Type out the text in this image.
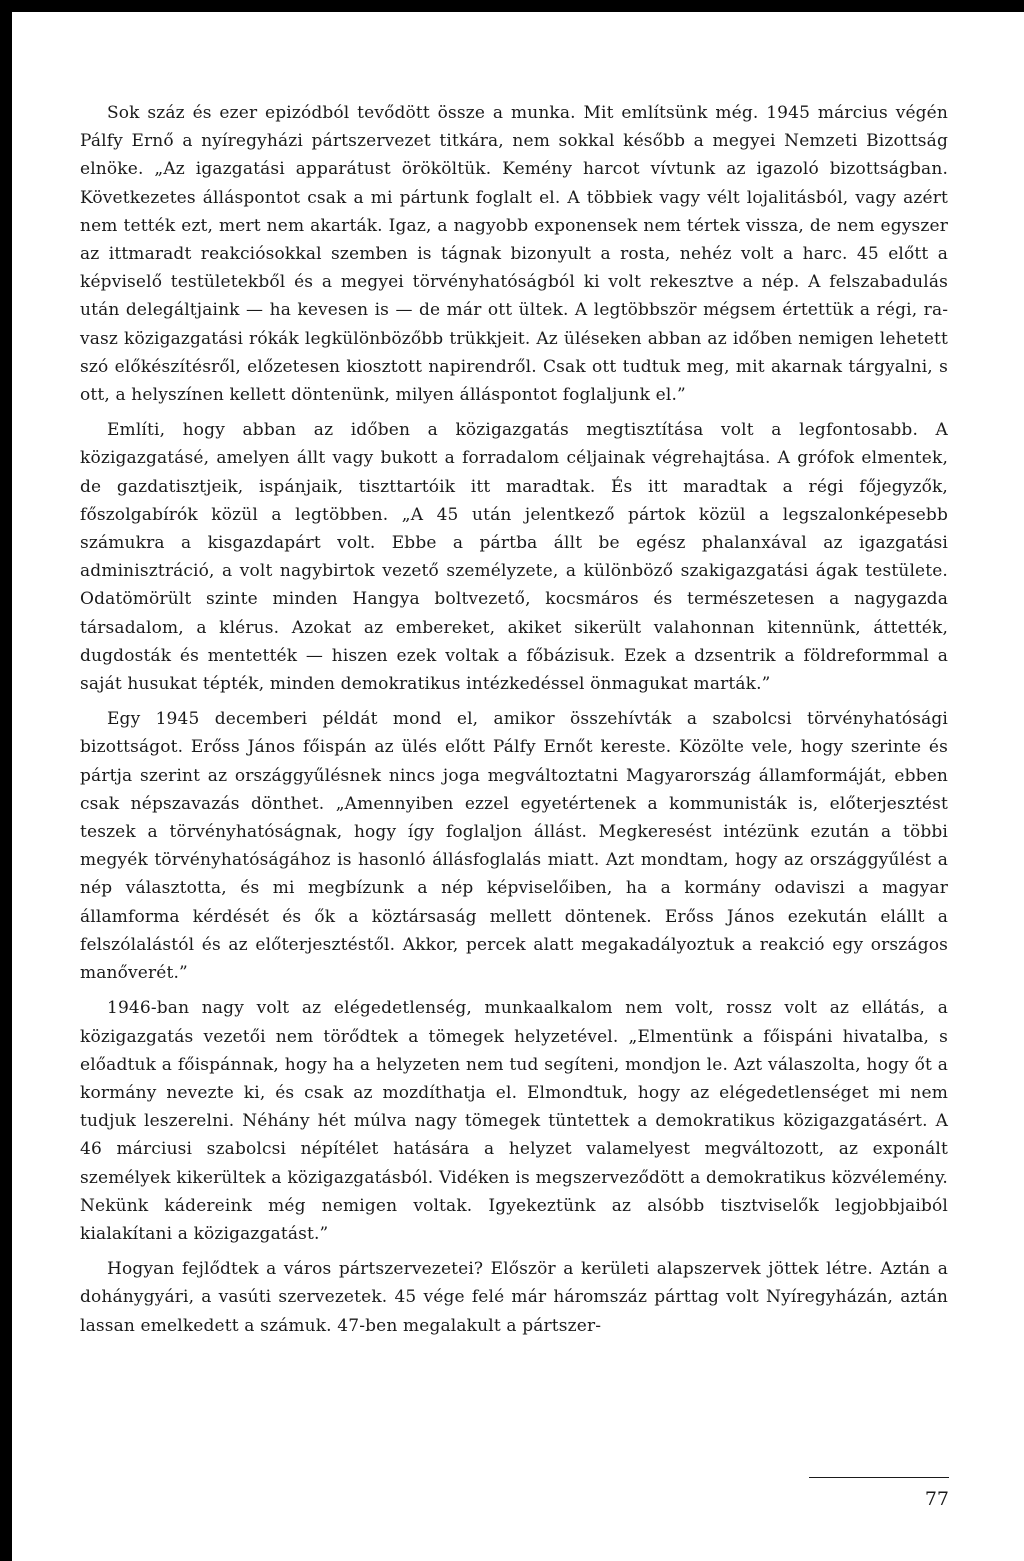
Sok száz és ezer epizódból tevődött össze a munka. Mit említsünk még. 1945 március végén Pálfy Ernő a nyíregyházi pártszervezet titkára, nem sokkal később a megyei Nemzeti Bizottság elnöke. „Az igazgatási apparátust örököltük. Kemény harcot vívtunk az igazoló bizottságban. Következetes álláspontot csak a mi pártunk foglalt el. A többiek vagy vélt lojalitásból, vagy azért nem tették ezt, mert nem akarták. Igaz, a nagyobb exponensek nem tértek vissza, de nem egyszer az ittmaradt reakciósokkal szemben is tágnak bizonyult a rosta, nehéz volt a harc. 45 előtt a képviselő testületekből és a megyei törvényhatóságból ki volt rekesztve a nép. A felszabadulás után delegáltjaink — ha kevesen is — de már ott ültek. A legtöbbször mégsem értettük a régi, ravasz közigazgatási rókák legkülönbözőbb trükkjeit. Az üléseken abban az időben nemigen lehetett szó előkészítésről, előzetesen kiosztott napirendről. Csak ott tudtuk meg, mit akarnak tárgyalni, s ott, a helyszínen kellett döntenünk, milyen álláspontot foglaljunk el.”

Említi, hogy abban az időben a közigazgatás megtisztítása volt a legfontosabb. A közigazgatásé, amelyen állt vagy bukott a forradalom céljainak végrehajtása. A grófok elmentek, de gazdatisztjeik, ispánjaik, tiszttartóik itt maradtak. És itt maradtak a régi főjegyzők, főszolgabírók közül a legtöbben. „A 45 után jelentkező pártok közül a legszalonképesebb számukra a kisgazdapárt volt. Ebbe a pártba állt be egész phalanxával az igazgatási adminisztráció, a volt nagybirtok vezető személyzete, a különböző szakigazgatási ágak testülete. Odatömörült szinte minden Hangya boltvezető, kocsmáros és természetesen a nagygazda társadalom, a klérus. Azokat az embereket, akiket sikerült valahonnan kitennünk, áttették, dugdosták és mentették — hiszen ezek voltak a főbázisuk. Ezek a dzsentrik a földreformmal a saját husukat tépték, minden demokratikus intézkedéssel önmagukat marták.”

Egy 1945 decemberi példát mond el, amikor összehívták a szabolcsi törvényhatósági bizottságot. Erőss János főispán az ülés előtt Pálfy Ernőt kereste. Közölte vele, hogy szerinte és pártja szerint az országgyűlésnek nincs joga megváltoztatni Magyarország államformáját, ebben csak népszavazás dönthet. „Amennyiben ezzel egyetértenek a kommunisták is, előterjesztést teszek a törvényhatóságnak, hogy így foglaljon állást. Megkeresést intézünk ezután a többi megyék törvényhatóságához is hasonló állásfoglalás miatt. Azt mondtam, hogy az országgyűlést a nép választotta, és mi megbízunk a nép képviselőiben, ha a kormány odaviszi a magyar államforma kérdését és ők a köztársaság mellett döntenek. Erőss János ezekután elállt a felszólalástól és az előterjesztéstől. Akkor, percek alatt megakadályoztuk a reakció egy országos manőverét.”

1946-ban nagy volt az elégedetlenség, munkaalkalom nem volt, rossz volt az ellátás, a közigazgatás vezetői nem törődtek a tömegek helyzetével. „Elmentünk a főispáni hivatalba, s előadtuk a főispánnak, hogy ha a helyzeten nem tud segíteni, mondjon le. Azt válaszolta, hogy őt a kormány nevezte ki, és csak az mozdíthatja el. Elmondtuk, hogy az elégedetlenséget mi nem tudjuk leszerelni. Néhány hét múlva nagy tömegek tüntettek a demokratikus közigazgatásért. A 46 márciusi szabolcsi népítélet hatására a helyzet valamelyest megváltozott, az exponált személyek kikerültek a közigazgatásból. Vidéken is megszerveződött a demokratikus közvélemény. Nekünk kádereink még nemigen voltak. Igyekeztünk az alsóbb tisztviselők legjobbjaiból kialakítani a közigazgatást.”

Hogyan fejlődtek a város pártszervezetei? Először a kerületi alapszervek jöttek létre. Aztán a dohánygyári, a vasúti szervezetek. 45 vége felé már háromszáz párttag volt Nyíregyházán, aztán lassan emelkedett a számuk. 47-ben megalakult a pártszer-

77
